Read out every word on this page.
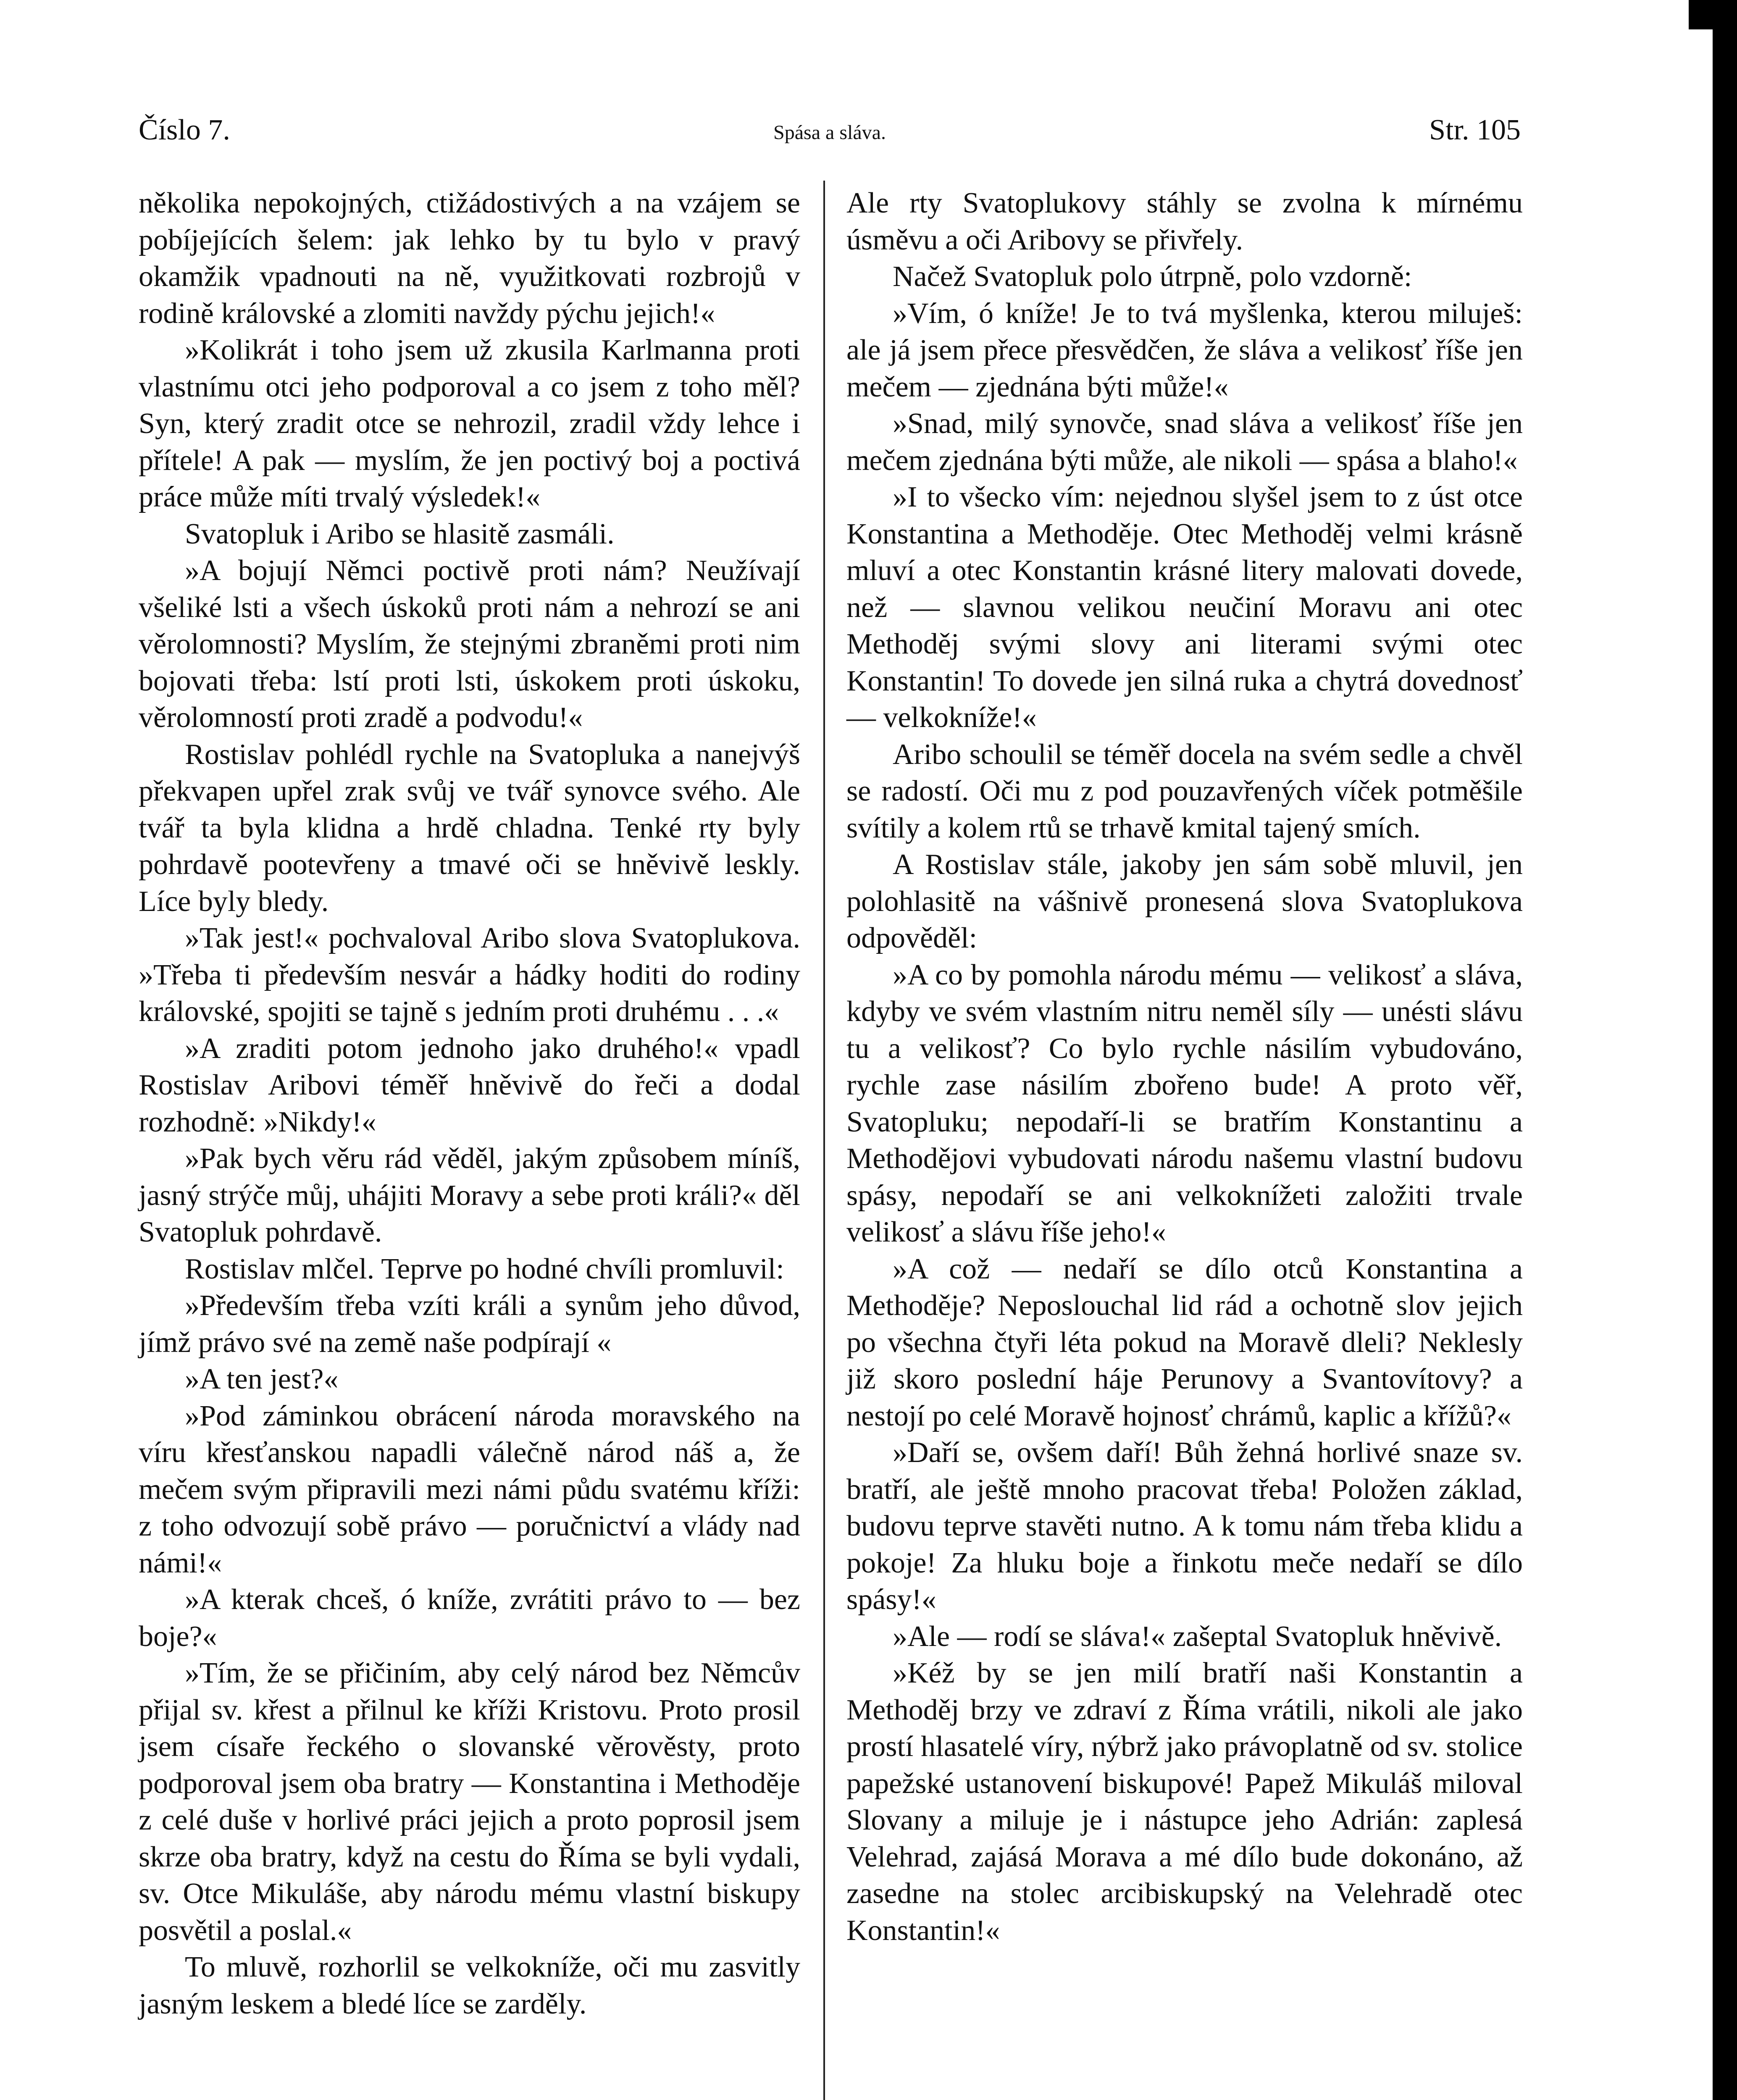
Číslo 7.	Spása a sláva.	Str. 105

několika nepokojných, ctižádostivých a na vzájem se pobíjejících šelem: jak lehko by tu bylo v pravý okamžik vpadnouti na ně, využitkovati rozbrojů v rodině královské a zlomiti navždy pýchu jejich!«

»Kolikrát i toho jsem už zkusila Karlmanna proti vlastnímu otci jeho podporoval a co jsem z toho měl? Syn, který zradit otce se nehrozil, zradil vždy lehce i přítele! A pak — myslím, že jen poctivý boj a poctivá práce může míti trvalý výsledek!«

Svatopluk i Aribo se hlasitě zasmáli.

»A bojují Němci poctivě proti nám? Neužívají všeliké lsti a všech úskoků proti nám a nehrozí se ani věrolomnosti? Myslím, že stejnými zbraněmi proti nim bojovati třeba: lstí proti lsti, úskokem proti úskoku, věrolomností proti zradě a podvodu!«

Rostislav pohlédl rychle na Svatopluka a nanejvýš překvapen upřel zrak svůj ve tvář synovce svého. Ale tvář ta byla klidna a hrdě chladna. Tenké rty byly pohrdavě pootevřeny a tmavé oči se hněvivě leskly. Líce byly bledy.

»Tak jest!« pochvaloval Aribo slova Svatoplukova. »Třeba ti především nesvár a hádky hoditi do rodiny královské, spojiti se tajně s jedním proti druhému . . .«

»A zraditi potom jednoho jako druhého!« vpadl Rostislav Aribovi téměř hněvivě do řeči a dodal rozhodně: »Nikdy!«

»Pak bych věru rád věděl, jakým způsobem míníš, jasný strýče můj, uhájiti Moravy a sebe proti králi?« děl Svatopluk pohrdavě.

Rostislav mlčel. Teprve po hodné chvíli promluvil:

»Především třeba vzíti králi a synům jeho důvod, jímž právo své na země naše podpírají «

»A ten jest?«

»Pod záminkou obrácení národa moravského na víru křesťanskou napadli válečně národ náš a, že mečem svým připravili mezi námi půdu svatému kříži: z toho odvozují sobě právo — poručnictví a vlády nad námi!«

»A kterak chceš, ó kníže, zvrátiti právo to — bez boje?«

»Tím, že se přičiním, aby celý národ bez Němcův přijal sv. křest a přilnul ke kříži Kristovu. Proto prosil jsem císaře řeckého o slovanské věrověsty, proto podporoval jsem oba bratry — Konstantina i Methoděje z celé duše v horlivé práci jejich a proto poprosil jsem skrze oba bratry, když na cestu do Říma se byli vydali, sv. Otce Mikuláše, aby národu mému vlastní biskupy posvětil a poslal.«

To mluvě, rozhorlil se velkokníže, oči mu zasvitly jasným leskem a bledé líce se zarděly.

Ale rty Svatoplukovy stáhly se zvolna k mírnému úsměvu a oči Aribovy se přivřely.

Načež Svatopluk polo útrpně, polo vzdorně:

»Vím, ó kníže! Je to tvá myšlenka, kterou miluješ: ale já jsem přece přesvědčen, že sláva a velikosť říše jen mečem — zjednána býti může!«

»Snad, milý synovče, snad sláva a velikosť říše jen mečem zjednána býti může, ale nikoli — spása a blaho!«

»I to všecko vím: nejednou slyšel jsem to z úst otce Konstantina a Methoděje. Otec Methoděj velmi krásně mluví a otec Konstantin krásné litery malovati dovede, než — slavnou velikou neučiní Moravu ani otec Methoděj svými slovy ani literami svými otec Konstantin! To dovede jen silná ruka a chytrá dovednosť — velkokníže!«

Aribo schoulil se téměř docela na svém sedle a chvěl se radostí. Oči mu z pod pouzavřených víček potměšile svítily a kolem rtů se trhavě kmital tajený smích.

A Rostislav stále, jakoby jen sám sobě mluvil, jen polohlasitě na vášnivě pronesená slova Svatoplukova odpověděl:

»A co by pomohla národu mému — velikosť a sláva, kdyby ve svém vlastním nitru neměl síly — unésti slávu tu a velikosť? Co bylo rychle násilím vybudováno, rychle zase násilím zbořeno bude! A proto věř, Svatopluku; nepodaří-li se bratřím Konstantinu a Methodějovi vybudovati národu našemu vlastní budovu spásy, nepodaří se ani velkoknížeti založiti trvale velikosť a slávu říše jeho!«

»A což — nedaří se dílo otců Konstantina a Methoděje? Neposlouchal lid rád a ochotně slov jejich po všechna čtyři léta pokud na Moravě dleli? Neklesly již skoro poslední háje Perunovy a Svantovítovy? a nestojí po celé Moravě hojnosť chrámů, kaplic a křížů?«

»Daří se, ovšem daří! Bůh žehná horlivé snaze sv. bratří, ale ještě mnoho pracovat třeba! Položen základ, budovu teprve stavěti nutno. A k tomu nám třeba klidu a pokoje! Za hluku boje a řinkotu meče nedaří se dílo spásy!«

»Ale — rodí se sláva!« zašeptal Svatopluk hněvivě.

»Kéž by se jen milí bratří naši Konstantin a Methoděj brzy ve zdraví z Říma vrátili, nikoli ale jako prostí hlasatelé víry, nýbrž jako právoplatně od sv. stolice papežské ustanovení biskupové! Papež Mikuláš miloval Slovany a miluje je i nástupce jeho Adrián: zaplesá Velehrad, zajásá Morava a mé dílo bude dokonáno, až zasedne na stolec arcibiskupský na Velehradě otec Konstantin!«
